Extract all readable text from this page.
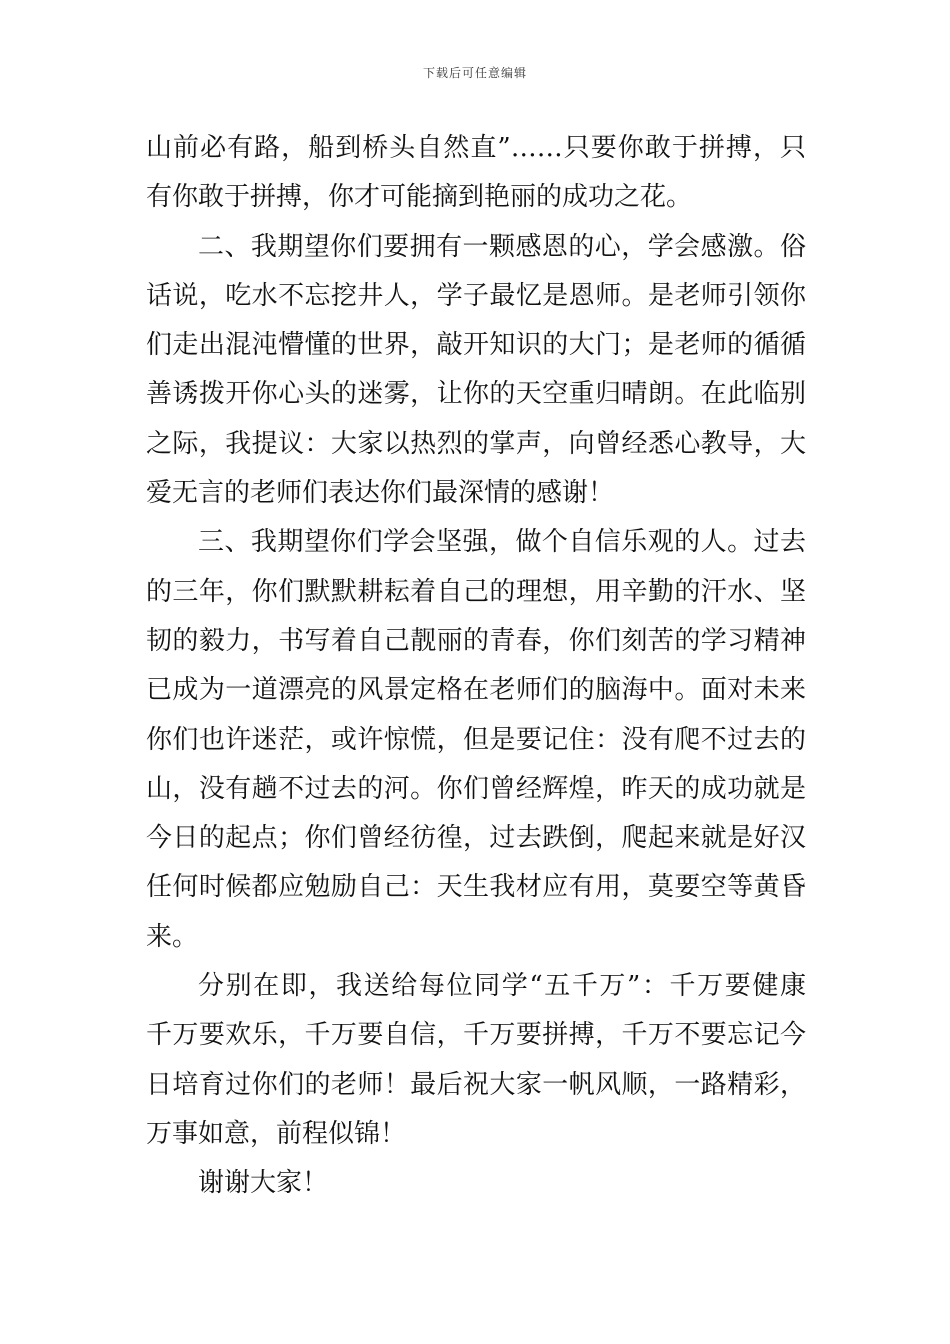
下载后可任意编辑
山前必有路，船到桥头自然直”……只要你敢于拼搏，只
有你敢于拼搏，你才可能摘到艳丽的成功之花。
二、我期望你们要拥有一颗感恩的心，学会感激。俗
话说，吃水不忘挖井人，学子最忆是恩师。是老师引领你
们走出混沌懵懂的世界，敲开知识的大门；是老师的循循
善诱拨开你心头的迷雾，让你的天空重归晴朗。在此临别
之际，我提议：大家以热烈的掌声，向曾经悉心教导，大
爱无言的老师们表达你们最深情的感谢！
三、我期望你们学会坚强，做个自信乐观的人。过去
的三年，你们默默耕耘着自己的理想，用辛勤的汗水、坚
韧的毅力，书写着自己靓丽的青春，你们刻苦的学习精神
已成为一道漂亮的风景定格在老师们的脑海中。面对未来
你们也许迷茫，或许惊慌，但是要记住：没有爬不过去的
山，没有趟不过去的河。你们曾经辉煌，昨天的成功就是
今日的起点；你们曾经彷徨，过去跌倒，爬起来就是好汉
任何时候都应勉励自己：天生我材应有用，莫要空等黄昏
来。
分别在即，我送给每位同学“五千万”：千万要健康
千万要欢乐，千万要自信，千万要拼搏，千万不要忘记今
日培育过你们的老师！最后祝大家一帆风顺，一路精彩，
万事如意，前程似锦！
谢谢大家！
